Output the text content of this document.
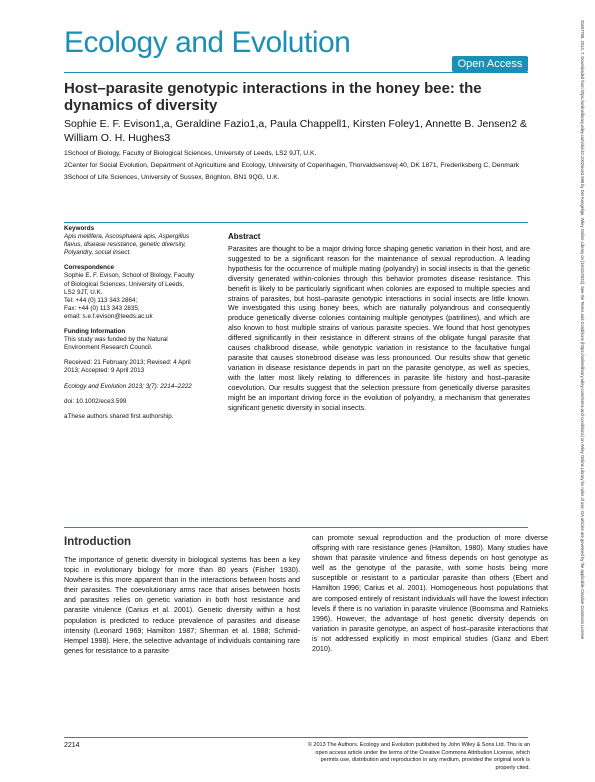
Ecology and Evolution
Open Access
Host–parasite genotypic interactions in the honey bee: the dynamics of diversity
Sophie E. F. Evison1,a, Geraldine Fazio1,a, Paula Chappell1, Kirsten Foley1, Annette B. Jensen2 & William O. H. Hughes3
1School of Biology, Faculty of Biological Sciences, University of Leeds, LS2 9JT, U.K.
2Center for Social Evolution, Department of Agriculture and Ecology, University of Copenhagen, Thorvaldsensvej 40, DK 1871, Frederiksberg C, Denmark
3School of Life Sciences, University of Sussex, Brighton, BN1 9QG, U.K.
Keywords
Apis mellifera, Ascosphaera apis, Aspergillus flavus, disease resistance, genetic diversity, Polyandry, social insect.
Correspondence
Sophie E. F. Evison, School of Biology, Faculty of Biological Sciences, University of Leeds, LS2 9JT, U.K.
Tel: +44 (0) 113 343 2864;
Fax: +44 (0) 113 343 2835;
email: s.e.f.evison@leeds.ac.uk
Funding Information
This study was funded by the Natural Environment Research Council.
Received: 21 February 2013; Revised: 4 April 2013; Accepted: 9 April 2013
Ecology and Evolution 2013; 3(7): 2214–2222
doi: 10.1002/ece3.599
aThese authors shared first authorship.
Abstract
Parasites are thought to be a major driving force shaping genetic variation in their host, and are suggested to be a significant reason for the maintenance of sexual reproduction. A leading hypothesis for the occurrence of multiple mating (polyandry) in social insects is that the genetic diversity generated within-colonies through this behavior promotes disease resistance. This benefit is likely to be particularly significant when colonies are exposed to multiple species and strains of parasites, but host–parasite genotypic interactions in social insects are little known. We investigated this using honey bees, which are naturally polyandrous and consequently produce genetically diverse colonies containing multiple genotypes (patrilines), and which are also known to host multiple strains of various parasite species. We found that host genotypes differed significantly in their resistance in different strains of the obligate fungal parasite that causes chalkbrood disease, while genotypic variation in resistance to the facultative fungal parasite that causes stonebrood disease was less pronounced. Our results show that genetic variation in disease resistance depends in part on the parasite genotype, as well as species, with the latter most likely relating to differences in parasite life history and host–parasite coevolution. Our results suggest that the selection pressure from genetically diverse parasites might be an important driving force in the evolution of polyandry, a mechanism that generates significant genetic diversity in social insects.
Introduction
The importance of genetic diversity in biological systems has been a key topic in evolutionary biology for more than 80 years (Fisher 1930). Nowhere is this more apparent than in the interactions between hosts and their parasites. The coevolutionary arms race that arises between hosts and parasites relies on genetic variation in both host resistance and parasite virulence (Carius et al. 2001). Genetic diversity within a host population is predicted to reduce prevalence of parasites and disease intensity (Leonard 1969; Hamilton 1987; Sherman et al. 1988; Schmid-Hempel 1998). Here, the selective advantage of individuals containing rare genes for resistance to a parasite
can promote sexual reproduction and the production of more diverse offspring with rare resistance genes (Hamilton, 1980). Many studies have shown that parasite virulence and fitness depends on host genotype as well as the genotype of the parasite, with some hosts being more susceptible or resistant to a particular parasite than others (Ebert and Hamilton 1996; Carius et al. 2001). Homogeneous host populations that are composed entirely of resistant individuals will have the lowest infection levels if there is no variation in parasite virulence (Boomsma and Ratnieks 1996). However, the advantage of host genetic diversity depends on variation in parasite genotype, an aspect of host–parasite interactions that is not addressed explicitly in most empirical studies (Ganz and Ebert 2010).
2214	© 2013 The Authors. Ecology and Evolution published by John Wiley & Sons Ltd. This is an open access article under the terms of the Creative Commons Attribution License, which permits use, distribution and reproduction in any medium, provided the original work is properly cited.
20457758, 2013, 7, Downloaded from https://onlinelibrary.wiley.com/doi/10.1002/ece3.599 by Det Kongelige, Wiley Online Library on [15/10/2023]. See the Terms and Conditions (https://onlinelibrary.wiley.com/terms-and-conditions) on Wiley Online Library for rules of use; OA articles are governed by the applicable Creative Commons License
